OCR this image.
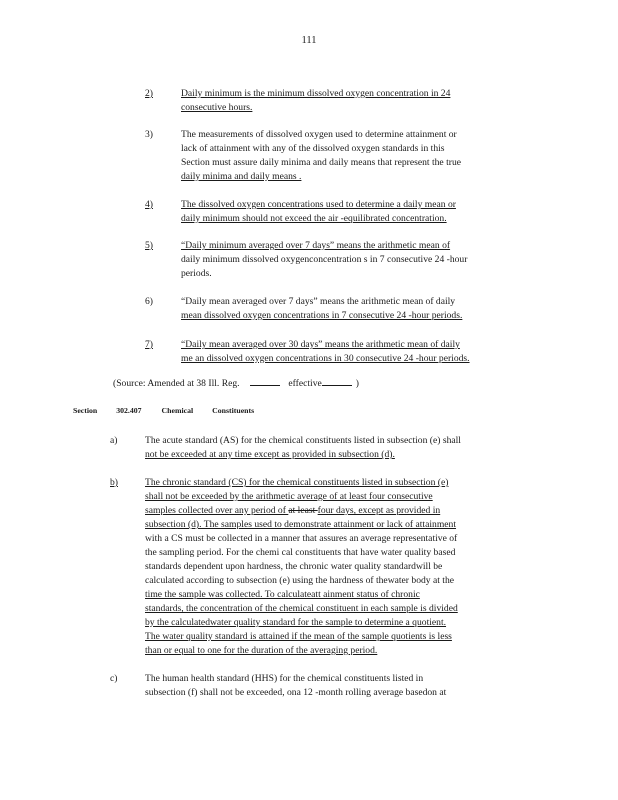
111
2)	Daily minimum is the minimum dissolved oxygen concentration in 24
consecutive hours.
3)	The measurements of dissolved oxygen used to determine attainment or
lack of attainment with any of the dissolved oxygen standards in this
Section must assure daily minima and daily means that represent the true
daily minima and daily means .
4)	The dissolved oxygen concentrations used to determine a daily mean or
daily minimum should not exceed the air -equilibrated concentration.
5)	“Daily minimum averaged over 7 days” means the arithmetic mean of
daily minimum dissolved oxygenconcentration s in 7 consecutive 24 -hour
periods.
6)	“Daily mean averaged over 7 days” means the arithmetic mean of daily
mean dissolved oxygen concentrations in 7 consecutive 24 -hour periods.
7)	“Daily mean averaged over 30 days” means the arithmetic mean of daily
me an dissolved oxygen concentrations in 30 consecutive 24 -hour periods.
(Source: Amended at 38 Ill. Reg.	effective	)
Section 302.407	Chemical Constituents
a)	The acute standard (AS) for the chemical constituents listed in subsection (e) shall
not be exceeded at any time except as provided in subsection (d).
b)	The chronic standard (CS) for the chemical constituents listed in subsection (e)
shall not be exceeded by the arithmetic average of at least four consecutive
samples collected over any period of at least four days, except as provided in
subsection (d). The samples used to demonstrate attainment or lack of attainment
with a CS must be collected in a manner that assures an average representative of
the sampling period. For the chemi cal constituents that have water quality based
standards dependent upon hardness, the chronic water quality standardwill be
calculated according to subsection (e) using the hardness of thewater body at the
time the sample was collected. To calculateatt ainment status of chronic
standards, the concentration of the chemical constituent in each sample is divided
by the calculatedwater quality standard for the sample to determine a quotient.
The water quality standard is attained if the mean of the sample quotients is less
than or equal to one for the duration of the averaging period.
c)	The human health standard (HHS) for the chemical constituents listed in
subsection (f) shall not be exceeded, ona 12 -month rolling average basedon at
